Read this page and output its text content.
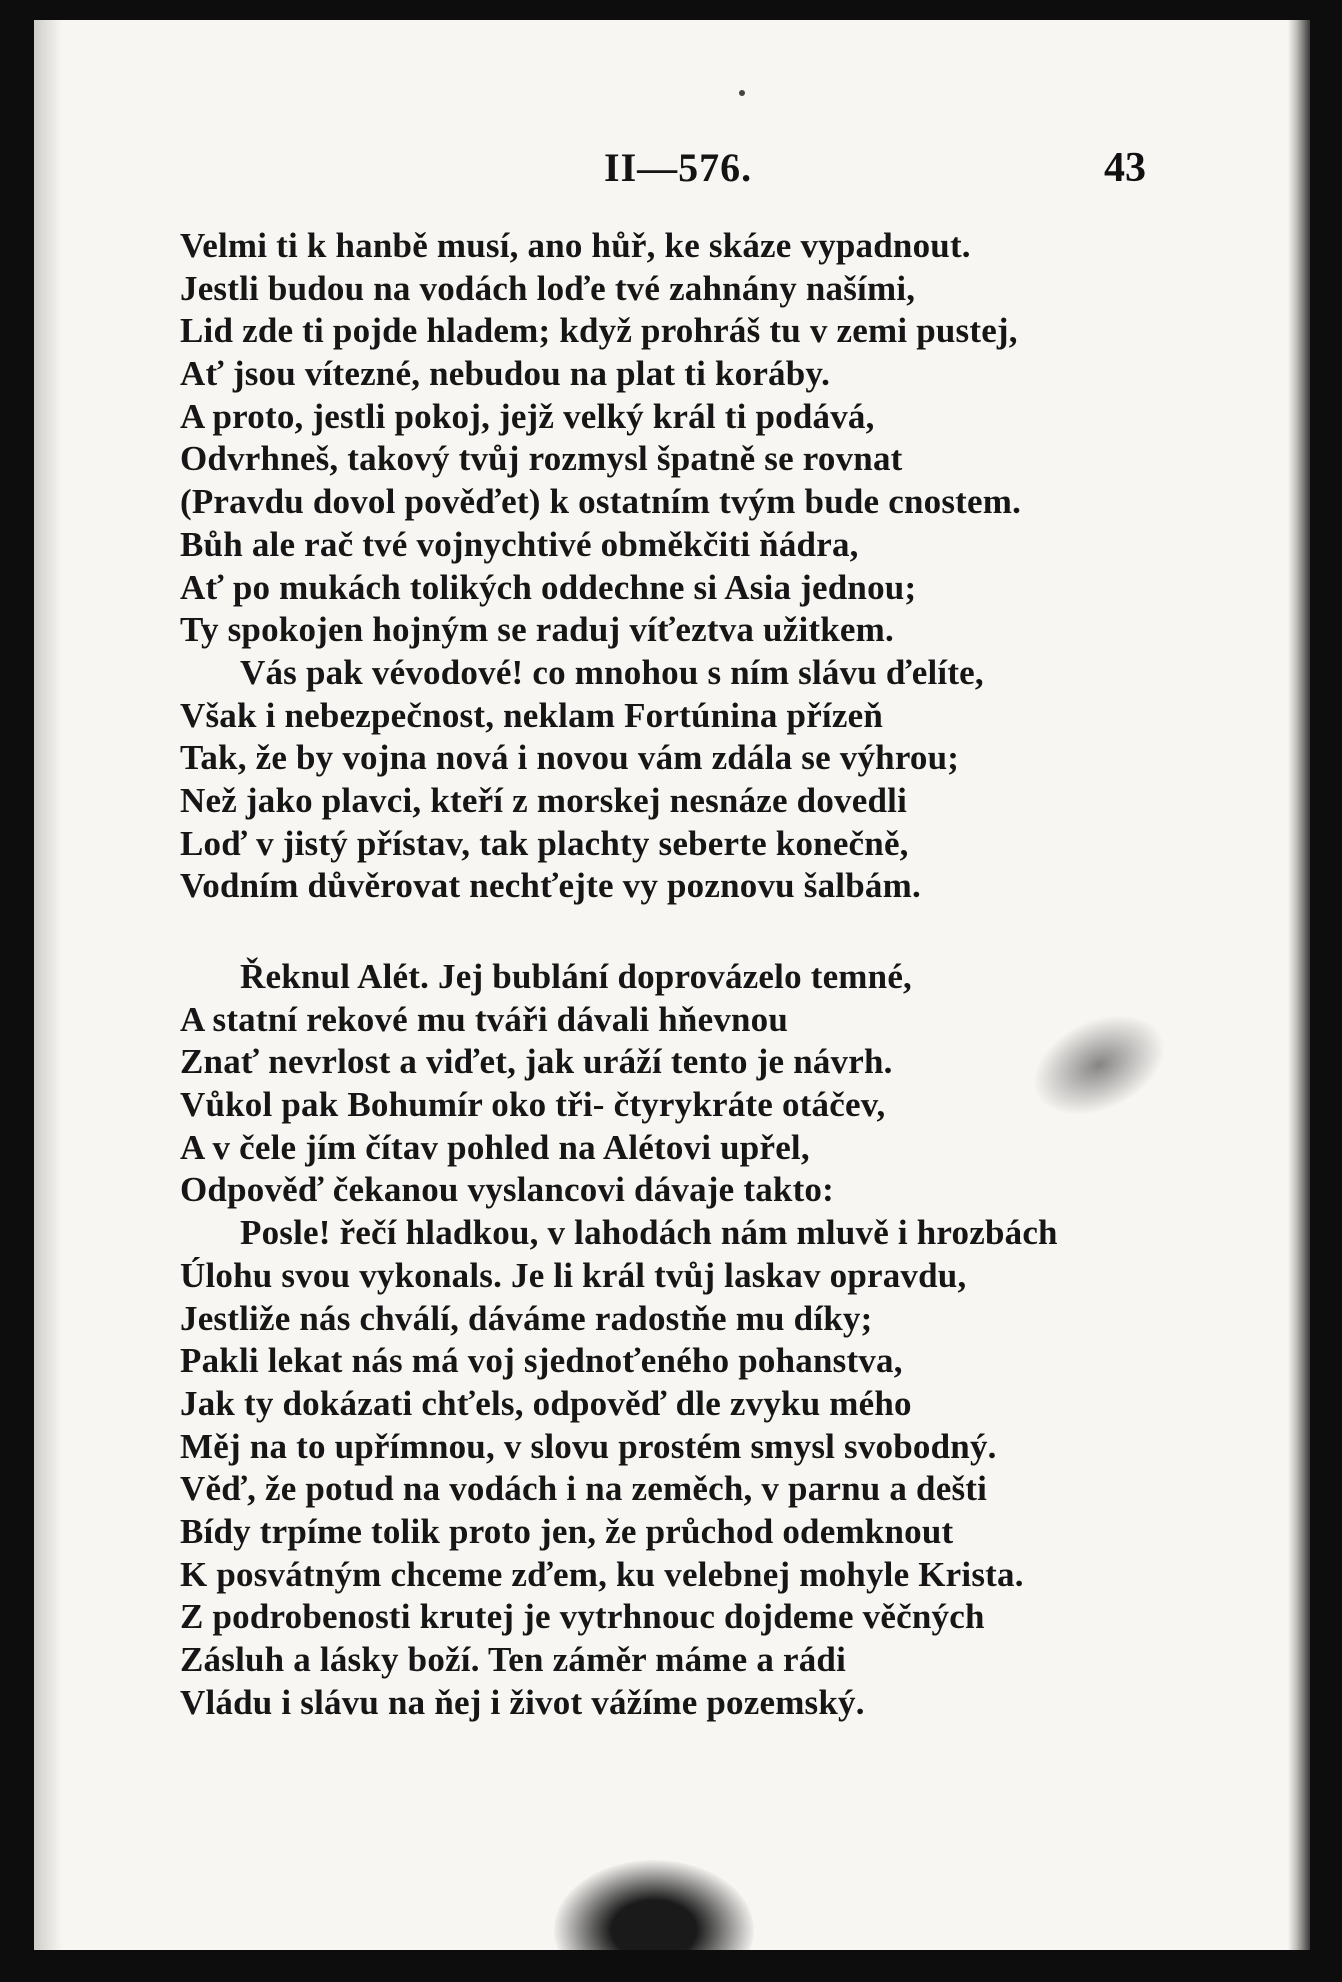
II—576.	43
Velmi ti k hanbě musí, ano hůř, ke skáze vypadnout.
Jestli budou na vodách loďe tvé zahnány našími,
Lid zde ti pojde hladem; když prohráš tu v zemi pustej,
Ať jsou vítezné, nebudou na plat ti koráby.
A proto, jestli pokoj, jejž velký král ti podává,
Odvrhneš, takový tvůj rozmysl špatně se rovnat
(Pravdu dovol pověďet) k ostatním tvým bude cnostem.
Bůh ale rač tvé vojnychtivé obměkčiti ňádra,
Ať po mukách tolikých oddechne si Asia jednou;
Ty spokojen hojným se raduj víťeztva užitkem.
Vás pak vévodové! co mnohou s ním slávu ďelíte,
Však i nebezpečnost, neklam Fortúnina přízeň
Tak, že by vojna nová i novou vám zdála se výhrou;
Než jako plavci, kteří z morskej nesnáze dovedli
Loď v jistý přístav, tak plachty seberte konečně,
Vodním důvěrovat nechťejte vy poznovu šalbám.
Řeknul Alét. Jej bublání doprovázelo temné,
A statní rekové mu tváři dávali hňevnou
Znať nevrlost a viďet, jak uráží tento je návrh.
Vůkol pak Bohumír oko tři- čtyrykráte otáčev,
A v čele jím čítav pohled na Alétovi upřel,
Odpověď čekanou vyslancovi dávaje takto:
Posle! řečí hladkou, v lahodách nám mluvě i hrozbách
Úlohu svou vykonals. Je li král tvůj laskav opravdu,
Jestliže nás chválí, dáváme radostňe mu díky;
Pakli lekat nás má voj sjednoťeného pohanstva,
Jak ty dokázati chťels, odpověď dle zvyku mého
Měj na to upřímnou, v slovu prostém smysl svobodný.
Věď, že potud na vodách i na zeměch, v parnu a dešti
Bídy trpíme tolik proto jen, že průchod odemknout
K posvátným chceme zďem, ku velebnej mohyle Krista.
Z podrobenosti krutej je vytrhnouc dojdeme věčných
Zásluh a lásky boží. Ten záměr máme a rádi
Vládu i slávu na ňej i život vážíme pozemský.
